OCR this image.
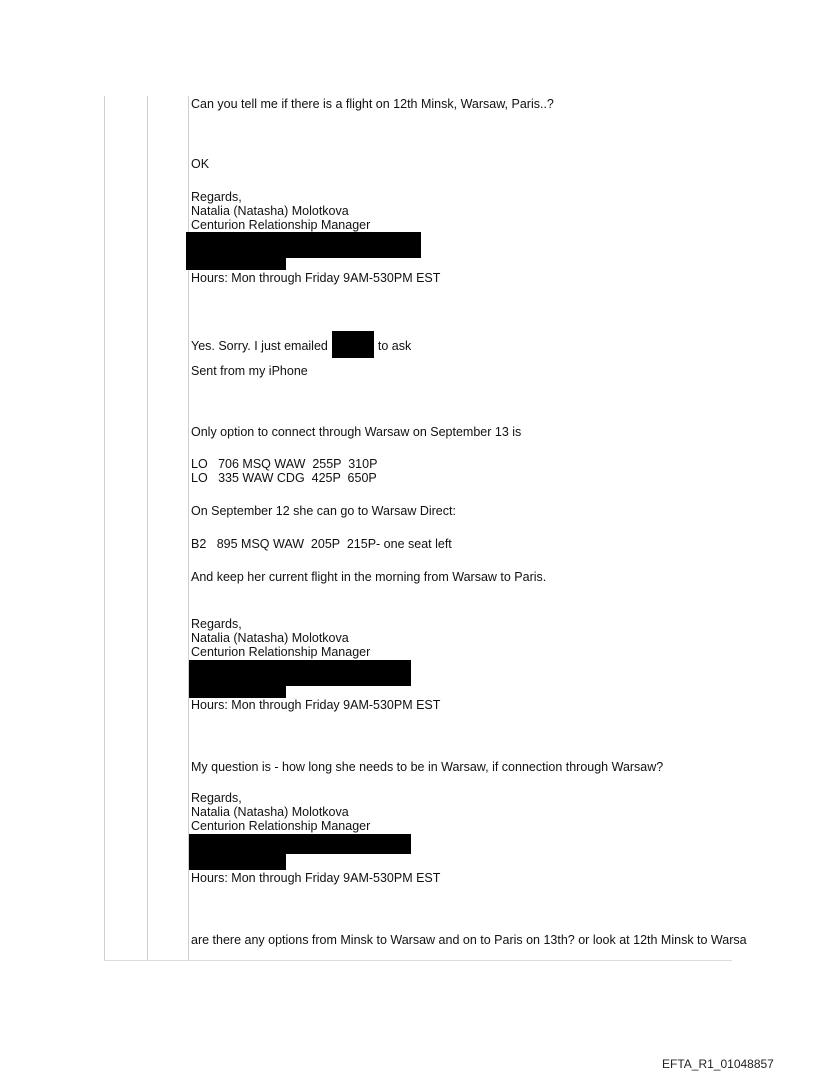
Can you tell me if there is a flight on 12th Minsk, Warsaw, Paris..?
OK
Regards,
Natalia (Natasha) Molotkova
Centurion Relationship Manager
Hours: Mon through Friday 9AM-530PM EST
Yes. Sorry. I just emailed	to ask
Sent from my iPhone
Only option to connect through Warsaw on September 13 is
LO   706 MSQ WAW  255P  310P
LO   335 WAW CDG  425P  650P
On September 12 she can go to Warsaw Direct:
B2   895 MSQ WAW  205P  215P- one seat left
And keep her current flight in the morning from Warsaw to Paris.
Regards,
Natalia (Natasha) Molotkova
Centurion Relationship Manager
Hours: Mon through Friday 9AM-530PM EST
My question is - how long she needs to be in Warsaw, if connection through Warsaw?
Regards,
Natalia (Natasha) Molotkova
Centurion Relationship Manager
Hours: Mon through Friday 9AM-530PM EST
are there any options from Minsk to Warsaw and on to Paris on 13th? or look at 12th Minsk to Warsa
EFTA_R1_01048857
